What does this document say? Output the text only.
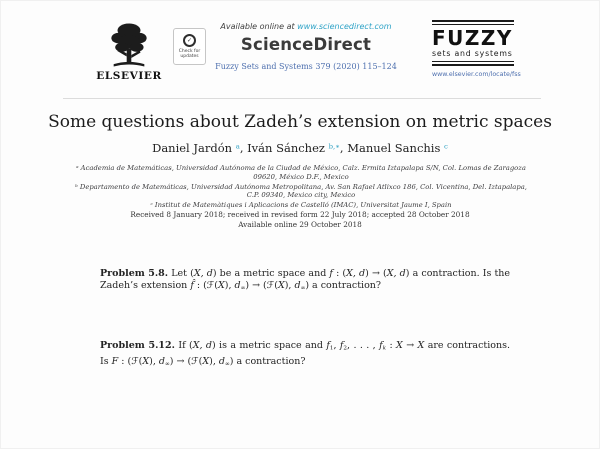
ELSEVIER
✓
Check for updates
Available online at www.sciencedirect.com
ScienceDirect
Fuzzy Sets and Systems 379 (2020) 115–124
FUZZY
sets and systems
www.elsevier.com/locate/fss
Some questions about Zadeh’s extension on metric spaces
Daniel Jardón $^a$, Iván Sánchez $^{b,∗}$, Manuel Sanchis $^c$
$^a$ Academia de Matemáticas, Universidad Autónoma de la Ciudad de México, Calz. Ermita Iztapalapa S/N, Col. Lomas de Zaragoza 09620, México D.F., Mexico
$^b$ Departamento de Matemáticas, Universidad Autónoma Metropolitana, Av. San Rafael Atlixco 186, Col. Vicentina, Del. Iztapalapa, C.P. 09340, Mexico city, Mexico
$^c$ Institut de Matemàtiques i Aplicacions de Castelló (IMAC), Universitat Jaume I, Spain
Received 8 January 2018; received in revised form 22 July 2018; accepted 28 October 2018
Available online 29 October 2018
Problem 5.8. Let (X, d) be a metric space and f : (X, d) → (X, d) a contraction. Is the Zadeh’s extension f̂ : (ℱ(X), $d_\infty$) → (ℱ(X), $d_\infty$) a contraction?
Problem 5.12. If (X, d) is a metric space and $f_1$, $f_2$, . . . , $f_k$ : X → X are contractions. Is F : (ℱ(X), $d_\infty$) → (ℱ(X), $d_\infty$) a contraction?
